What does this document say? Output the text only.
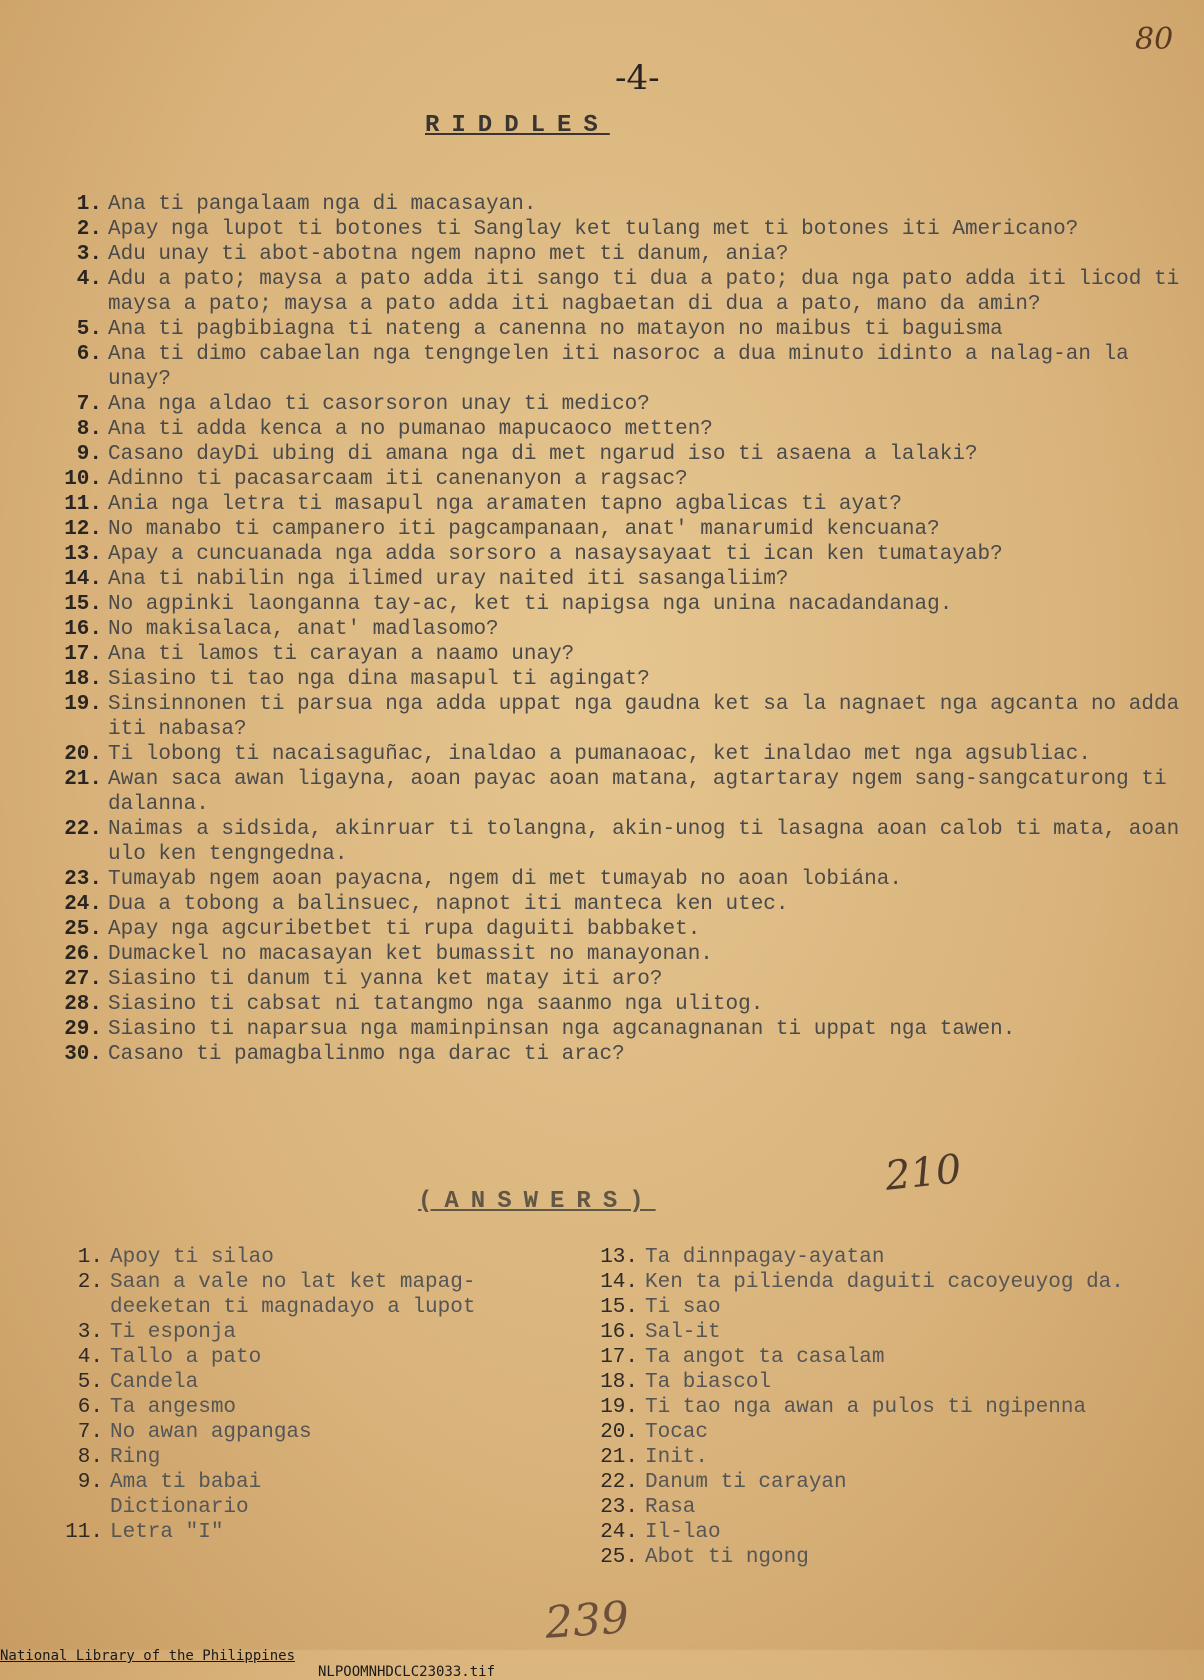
-4-
80
RIDDLES
1. Ana ti pangalaam nga di macasayan.
2. Apay nga lupot ti botones ti Sanglay ket tulang met ti botones iti Americano?
3. Adu unay ti abot-abotna ngem napno met ti danum, ania?
4. Adu a pato; maysa a pato adda iti sango ti dua a pato; dua nga pato adda iti licod ti maysa a pato; maysa a pato adda iti nagbaetan di dua a pato, mano da amin?
5. Ana ti pagbibiagna ti nateng a canenna no matayon no maibus ti baguisma
6. Ana ti dimo cabaelan nga tengngelen iti nasoroc a dua minuto idinto a nalag-an la unay?
7. Ana nga aldao ti casorsoron unay ti medico?
8. Ana ti adda kenca a no pumanao mapucaoco metten?
9. Casano dayDi ubing di amana nga di met ngarud iso ti asaena a lalaki?
10. Adinno ti pacasarcaam iti canenanyon a ragsac?
11. Ania nga letra ti masapul nga aramaten tapno agbalicas ti ayat?
12. No manabo ti campanero iti pagcampanaan, anat' manarumid kencuana?
13. Apay a cuncuanada nga adda sorsoro a nasaysayaat ti ican ken tumatayab?
14. Ana ti nabilin nga ilimed uray naited iti sasangaliim?
15. No agpinki laonganna tay-ac, ket ti napigsa nga unina nacadandanag.
16. No makisalaca, anat' madlasomo?
17. Ana ti lamos ti carayan a naamo unay?
18. Siasino ti tao nga dina masapul ti agingat?
19. Sinsinnonen ti parsua nga adda uppat nga gaudna ket sa la nagnaet nga agcanta no adda iti nabasa?
20. Ti lobong ti nacaisaguñac, inaldao a pumanaoac, ket inaldao met nga agsubliac.
21. Awan saca awan ligayna, aoan payac aoan matana, agtartaray ngem sang-sangcaturong ti dalanna.
22. Naimas a sidsida, akinruar ti tolangna, akin-unog ti lasagna aoan calob ti mata, aoan ulo ken tengngedna.
23. Tumayab ngem aoan payacna, ngem di met tumayab no aoan lobiána.
24. Dua a tobong a balinsuec, napnot iti manteca ken utec.
25. Apay nga agcuribetbet ti rupa daguiti babbaket.
26. Dumackel no macasayan ket bumassit no manayonan.
27. Siasino ti danum ti yanna ket matay iti aro?
28. Siasino ti cabsat ni tatangmo nga saanmo nga ulitog.
29. Siasino ti naparsua nga maminpinsan nga agcanagnanan ti uppat nga tawen.
30. Casano ti pamagbalinmo nga darac ti arac?
210
(ANSWERS)
1. Apoy ti silao
2. Saan a vale no lat ket mapag-deeketan ti magnadayo a lupot
3. Ti esponja
4. Tallo a pato
5. Candela
6. Ta angesmo
7. No awan agpangas
8. Ring
9. Ama ti babai
Dictionario
11. Letra "I"
13. Ta dinnpagay-ayatan
14. Ken ta pilienda daguiti cacoyeuyog da.
15. Ti sao
16. Sal-it
17. Ta angot ta casalam
18. Ta biascol
19. Ti tao nga awan a pulos ti ngipenna
20. Tocac
21. Init.
22. Danum ti carayan
23. Rasa
24. Il-lao
25. Abot ti ngong
239

National Library of the Philippines

NLPOOMNHDCLC23033.tif
